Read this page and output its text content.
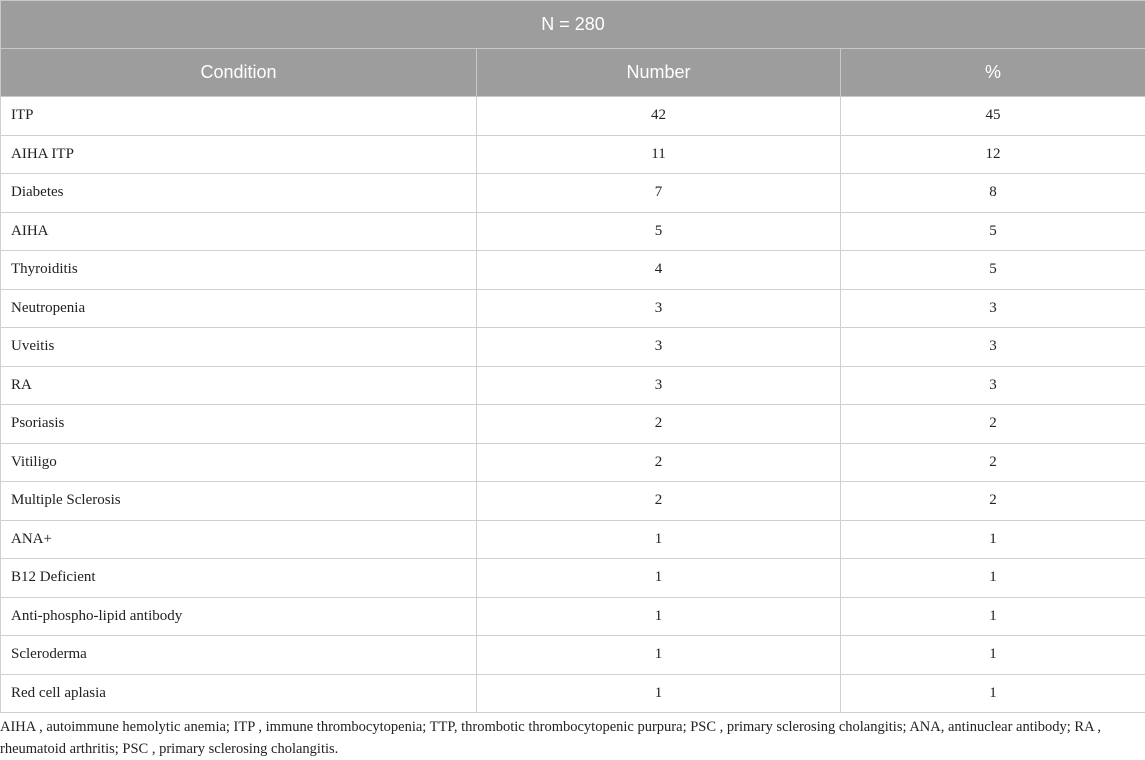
N = 280		
Condition	Number	%
ITP	42	45
AIHA ITP	11	12
Diabetes	7	8
AIHA	5	5
Thyroiditis	4	5
Neutropenia	3	3
Uveitis	3	3
RA	3	3
Psoriasis	2	2
Vitiligo	2	2
Multiple Sclerosis	2	2
ANA+	1	1
B12 Deficient	1	1
Anti-phospho-lipid antibody	1	1
Scleroderma	1	1
Red cell aplasia	1	1
AIHA , autoimmune hemolytic anemia; ITP , immune thrombocytopenia; TTP, thrombotic thrombocytopenic purpura; PSC , primary sclerosing cholangitis; ANA, antinuclear antibody; RA , rheumatoid arthritis; PSC , primary sclerosing cholangitis.
